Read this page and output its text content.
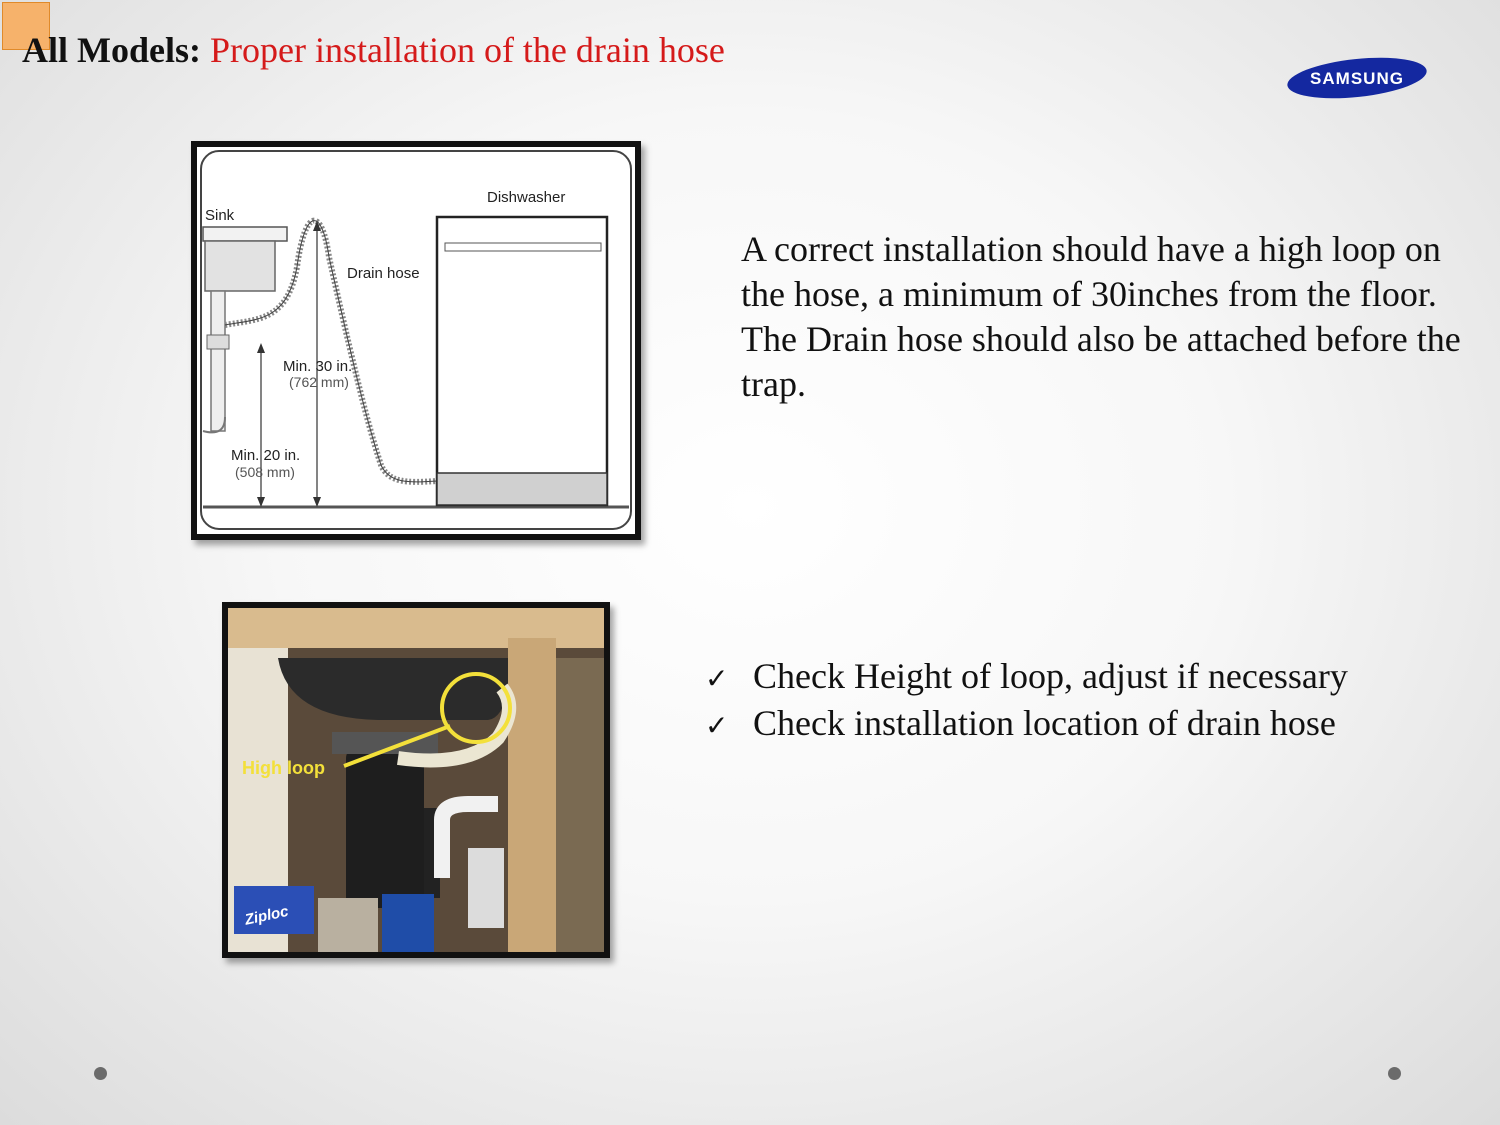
All Models: Proper installation of the drain hose
SAMSUNG
Sink
Dishwasher
Drain hose
Min. 30 in.
(762 mm)
Min. 20 in.
(508 mm)
High loop
Ziploc

A correct installation should have a high loop on the hose, a minimum of 30inches from the floor. The Drain hose should also be attached before the trap.

✓ Check Height of loop, adjust if necessary
✓ Check installation location of drain hose
